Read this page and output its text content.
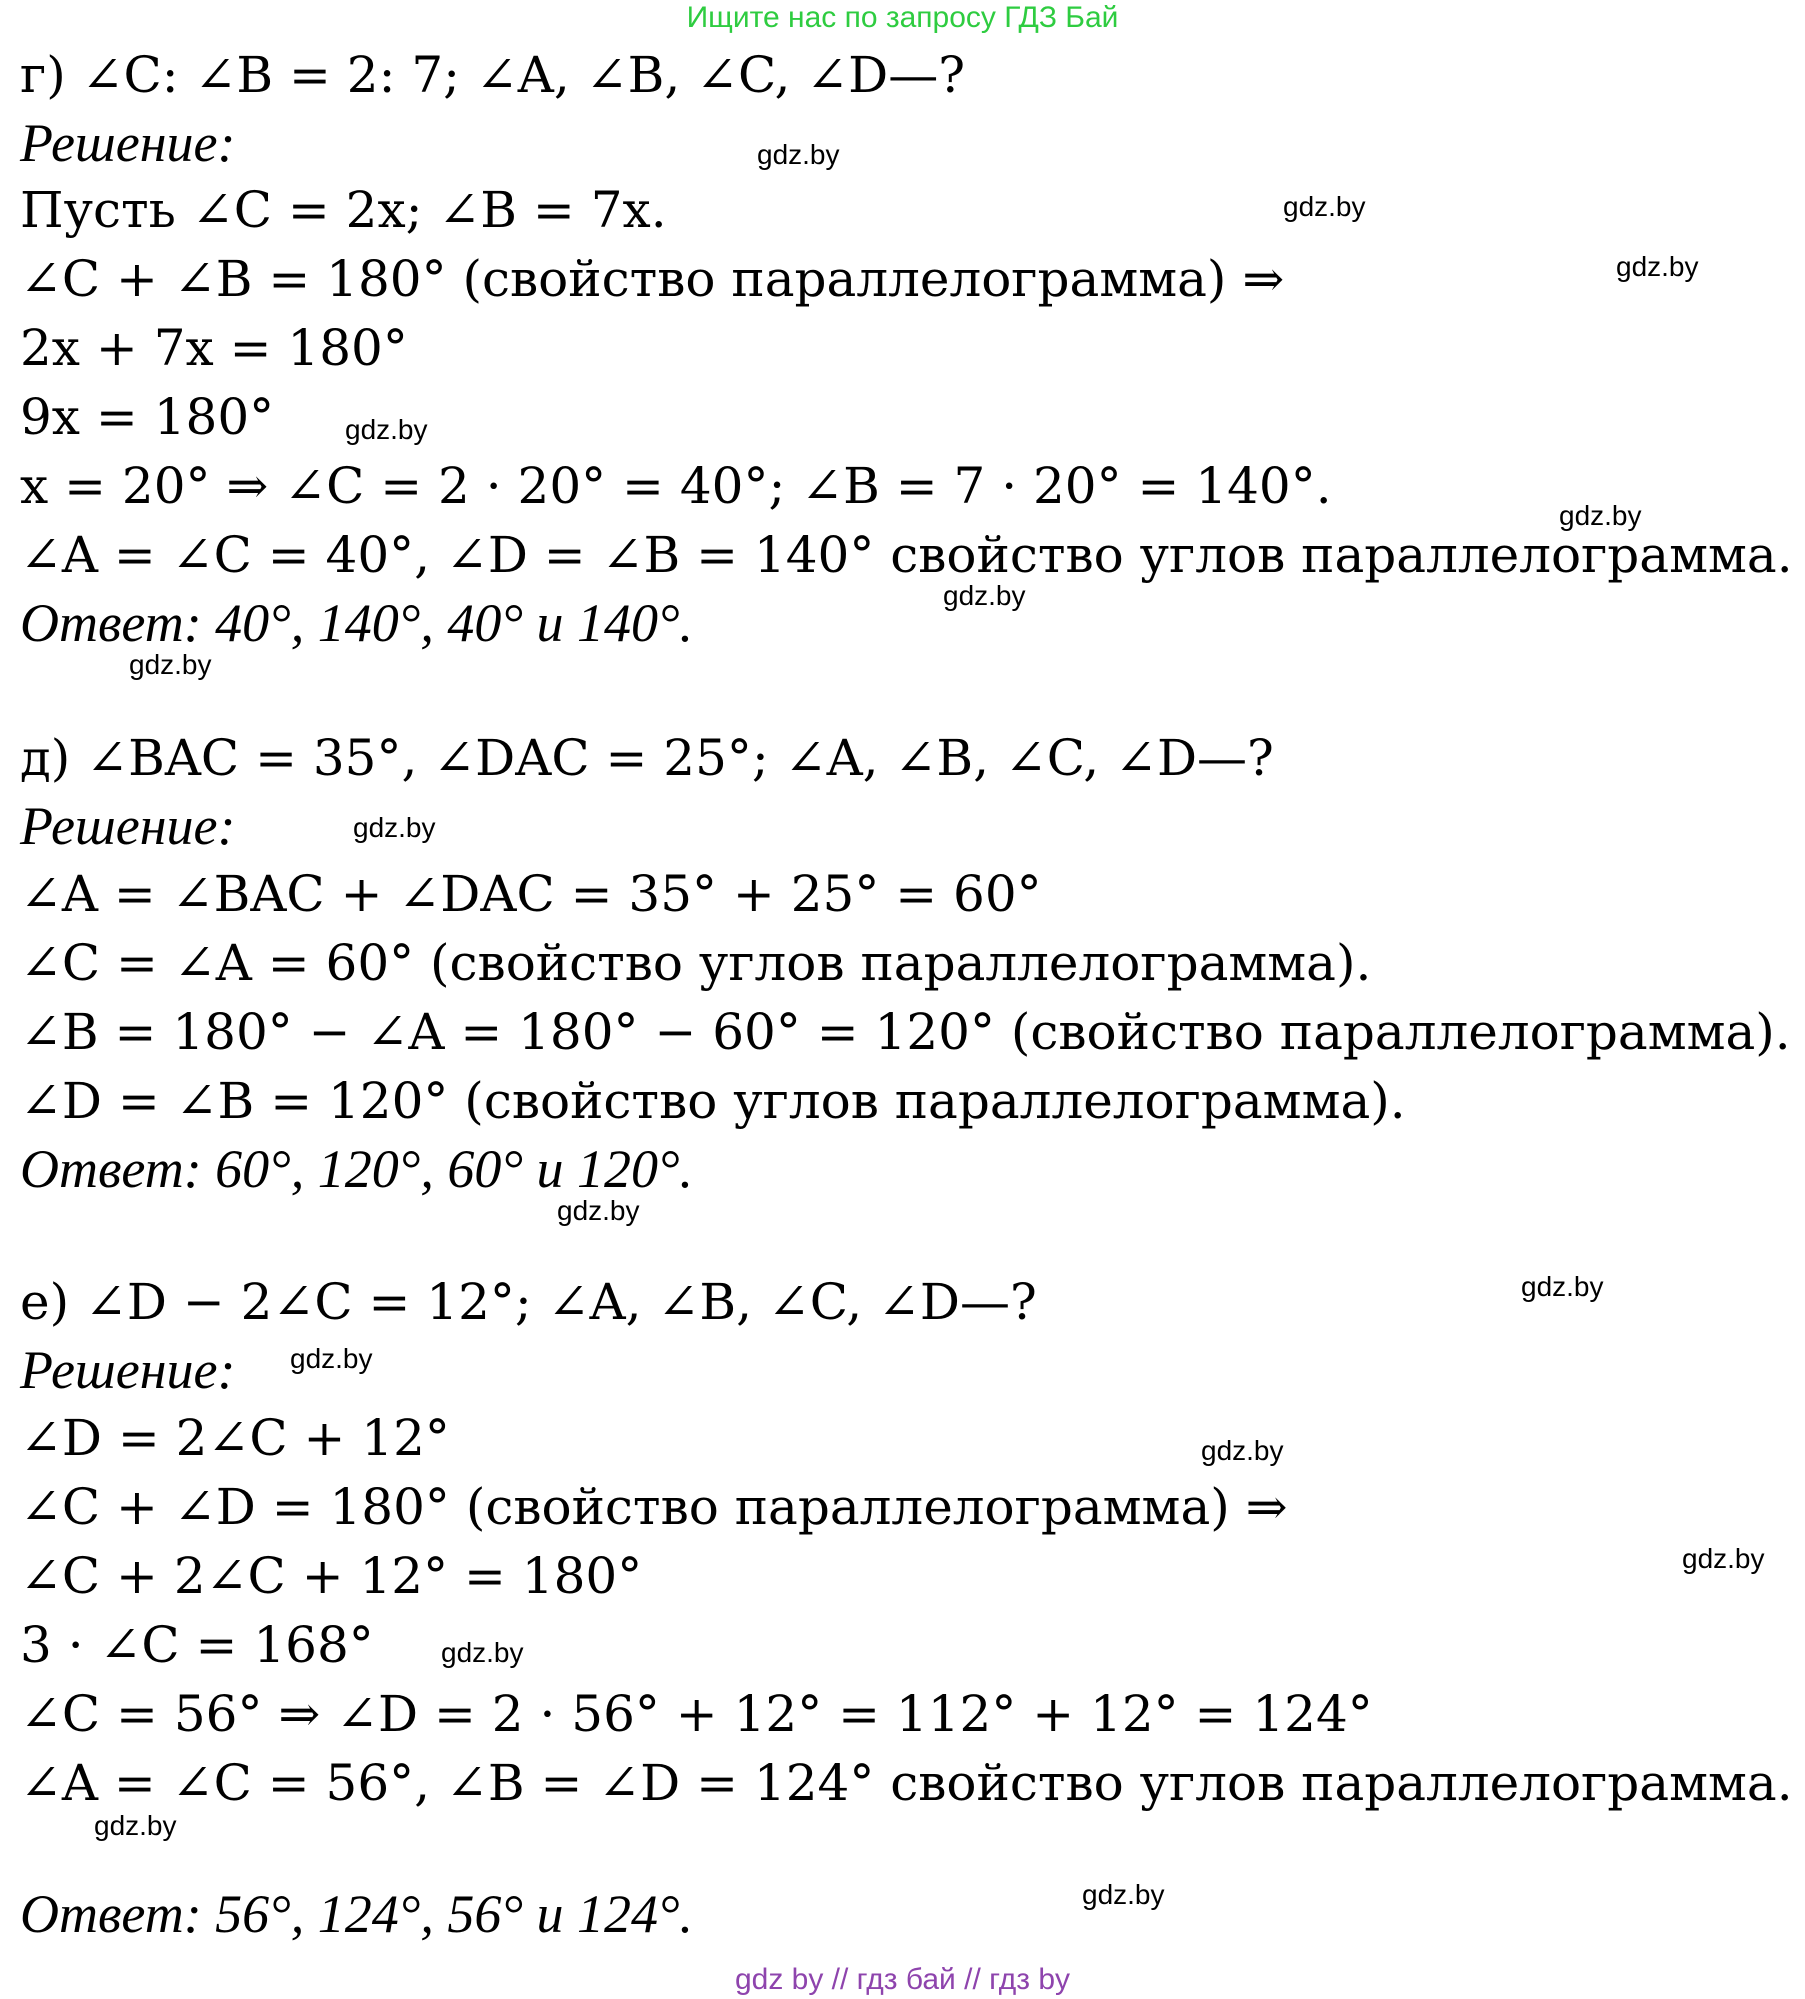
Ищите нас по запросу ГДЗ Бай
г) ∠C: ∠B = 2: 7; ∠A, ∠B, ∠C, ∠D—?
Решение:
Пусть ∠C = 2x; ∠B = 7x.
∠C + ∠B = 180° (свойство параллелограмма) ⇒
2x + 7x = 180°
9x = 180°
x = 20° ⇒ ∠C = 2 · 20° = 40°; ∠B = 7 · 20° = 140°.
∠A = ∠C = 40°, ∠D = ∠B = 140° свойство углов параллелограмма.
Ответ: 40°, 140°, 40° и 140°.
д) ∠BAC = 35°, ∠DAC = 25°; ∠A, ∠B, ∠C, ∠D—?
Решение:
∠A = ∠BAC + ∠DAC = 35° + 25° = 60°
∠C = ∠A = 60° (свойство углов параллелограмма).
∠B = 180° − ∠A = 180° − 60° = 120° (свойство параллелограмма).
∠D = ∠B = 120° (свойство углов параллелограмма).
Ответ: 60°, 120°, 60° и 120°.
е) ∠D − 2∠C = 12°; ∠A, ∠B, ∠C, ∠D—?
Решение:
∠D = 2∠C + 12°
∠C + ∠D = 180° (свойство параллелограмма) ⇒
∠C + 2∠C + 12° = 180°
3 · ∠C = 168°
∠C = 56° ⇒ ∠D = 2 · 56° + 12° = 112° + 12° = 124°
∠A = ∠C = 56°, ∠B = ∠D = 124° свойство углов параллелограмма.
Ответ: 56°, 124°, 56° и 124°.
gdz.by
gdz.by
gdz.by
gdz.by
gdz.by
gdz.by
gdz.by
gdz.by
gdz.by
gdz.by
gdz.by
gdz.by
gdz.by
gdz.by
gdz.by
gdz.by
gdz by // гдз бай // гдз by
